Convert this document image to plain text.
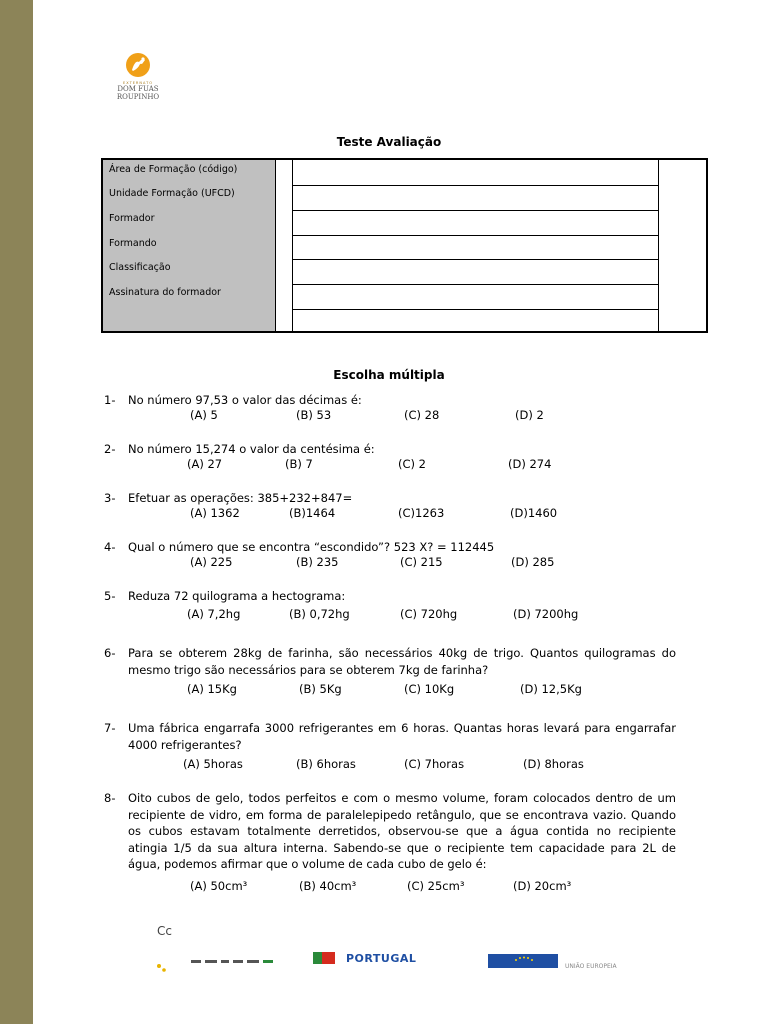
EXTERNATO
DOM FUAS
ROUPINHO
Teste Avaliação
Área de Formação (código)
Unidade Formação (UFCD)
Formador
Formando
Classificação
Assinatura do formador
Escolha múltipla
1- No número 97,53 o valor das décimas é:
(A) 5	(B) 53	(C) 28	(D) 2
2- No número 15,274 o valor da centésima é:
(A) 27	(B) 7	(C) 2	(D) 274
3- Efetuar as operações: 385+232+847=
(A) 1362	(B)1464	(C)1263	(D)1460
4- Qual o número que se encontra “escondido”? 523 X? = 112445
(A) 225	(B) 235	(C) 215	(D) 285
5- Reduza 72 quilograma a hectograma:
(A) 7,2hg	(B) 0,72hg	(C) 720hg	(D) 7200hg
6- Para se obterem 28kg de farinha, são necessários 40kg de trigo. Quantos quilogramas do mesmo trigo são necessários para se obterem 7kg de farinha?
(A) 15Kg	(B) 5Kg	(C) 10Kg	(D) 12,5Kg
7- Uma fábrica engarrafa 3000 refrigerantes em 6 horas. Quantas horas levará para engarrafar 4000 refrigerantes?
(A) 5horas	(B) 6horas	(C) 7horas	(D) 8horas
8- Oito cubos de gelo, todos perfeitos e com o mesmo volume, foram colocados dentro de um recipiente de vidro, em forma de paralelepipedo retângulo, que se encontrava vazio. Quando os cubos estavam totalmente derretidos, observou-se que a água contida no recipiente atingia 1/5 da sua altura interna. Sabendo-se que o recipiente tem capacidade para 2L de água, podemos afirmar que o volume de cada cubo de gelo é:
(A) 50cm³	(B) 40cm³	(C) 25cm³	(D) 20cm³
Cc
PORTUGAL
UNIÃO EUROPEIA
